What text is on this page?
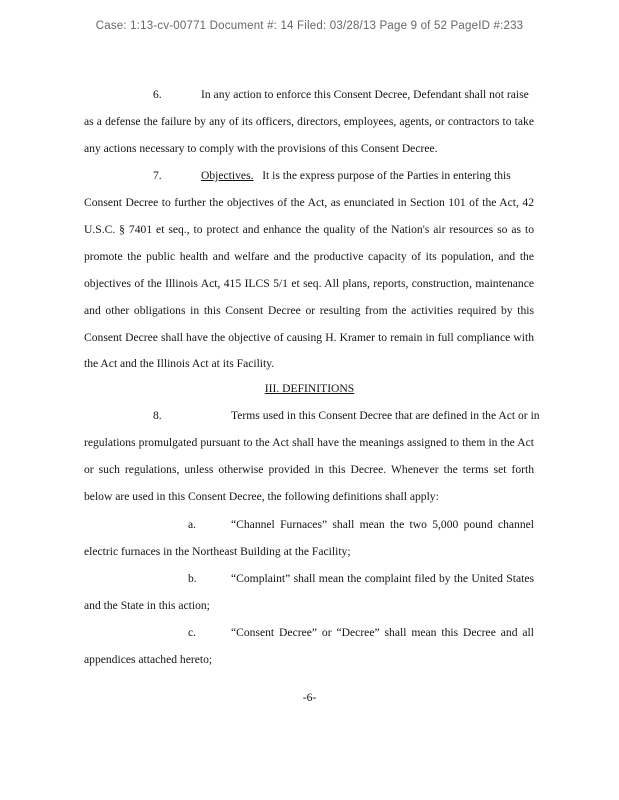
Case: 1:13-cv-00771 Document #: 14 Filed: 03/28/13 Page 9 of 52 PageID #:233
6.	In any action to enforce this Consent Decree, Defendant shall not raise
as a defense the failure by any of its officers, directors, employees, agents, or contractors to take
any actions necessary to comply with the provisions of this Consent Decree.
7.	Objectives. It is the express purpose of the Parties in entering this
Consent Decree to further the objectives of the Act, as enunciated in Section 101 of the Act, 42
U.S.C. § 7401 et seq., to protect and enhance the quality of the Nation's air resources so as to
promote the public health and welfare and the productive capacity of its population, and the
objectives of the Illinois Act, 415 ILCS 5/1 et seq. All plans, reports, construction, maintenance
and other obligations in this Consent Decree or resulting from the activities required by this
Consent Decree shall have the objective of causing H. Kramer to remain in full compliance with
the Act and the Illinois Act at its Facility.
III. DEFINITIONS
8.	Terms used in this Consent Decree that are defined in the Act or in
regulations promulgated pursuant to the Act shall have the meanings assigned to them in the Act
or such regulations, unless otherwise provided in this Decree. Whenever the terms set forth
below are used in this Consent Decree, the following definitions shall apply:
a.	“Channel Furnaces” shall mean the two 5,000 pound channel
electric furnaces in the Northeast Building at the Facility;
b.	“Complaint” shall mean the complaint filed by the United States
and the State in this action;
c.	“Consent Decree” or “Decree” shall mean this Decree and all
appendices attached hereto;
-6-
